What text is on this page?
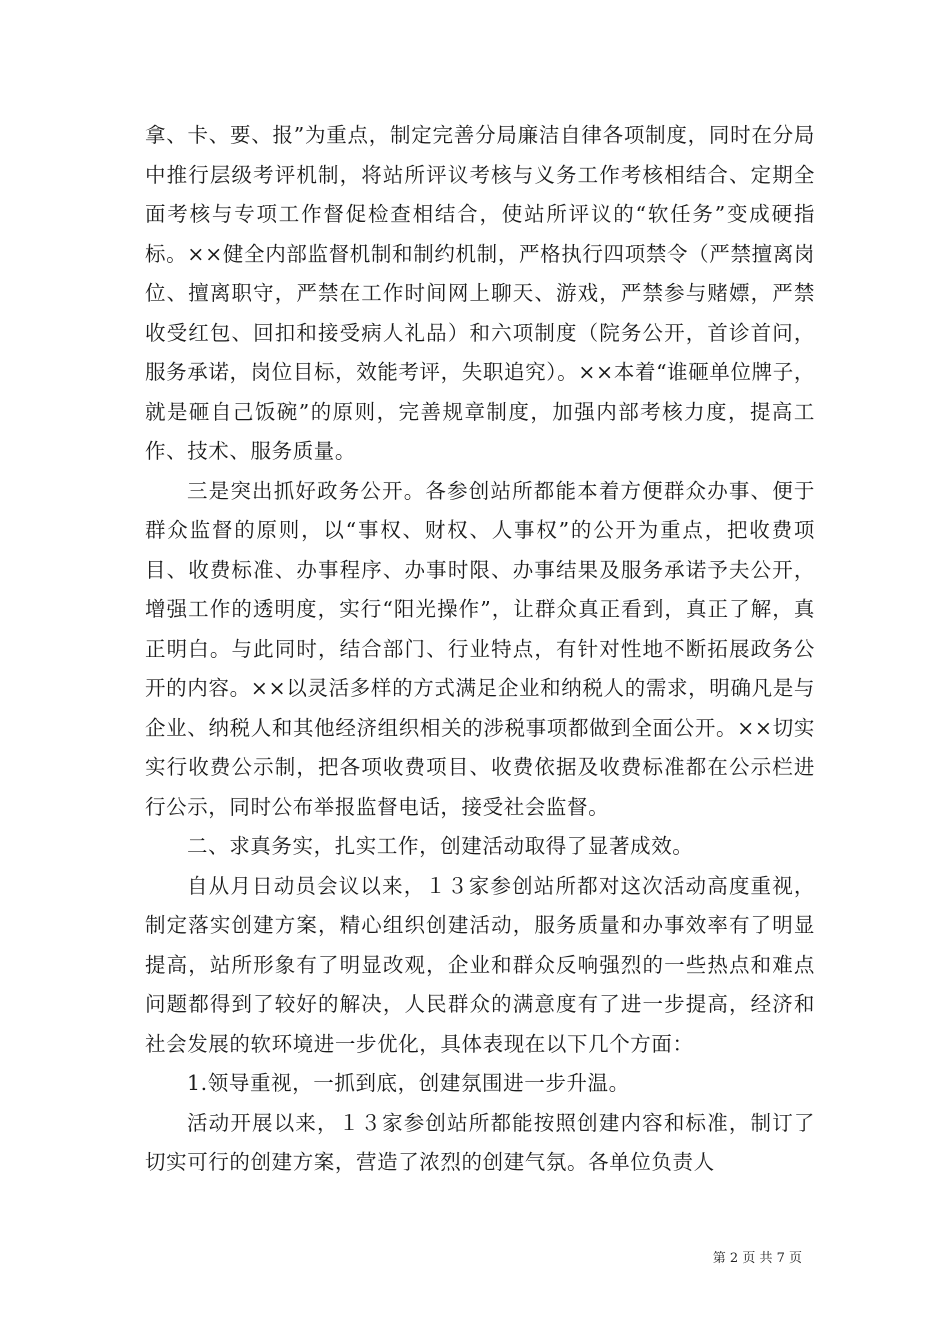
拿、卡、要、报”为重点，制定完善分局廉洁自律各项制度，同时在分局中推行层级考评机制，将站所评议考核与义务工作考核相结合、定期全面考核与专项工作督促检查相结合，使站所评议的“软任务”变成硬指标。××健全内部监督机制和制约机制，严格执行四项禁令（严禁擅离岗位、擅离职守，严禁在工作时间网上聊天、游戏，严禁参与赌嫖，严禁收受红包、回扣和接受病人礼品）和六项制度（院务公开，首诊首问，服务承诺，岗位目标，效能考评，失职追究）。××本着“谁砸单位牌子，就是砸自己饭碗”的原则，完善规章制度，加强内部考核力度，提高工作、技术、服务质量。

三是突出抓好政务公开。各参创站所都能本着方便群众办事、便于群众监督的原则，以“事权、财权、人事权”的公开为重点，把收费项目、收费标准、办事程序、办事时限、办事结果及服务承诺予夫公开，增强工作的透明度，实行“阳光操作”，让群众真正看到，真正了解，真正明白。与此同时，结合部门、行业特点，有针对性地不断拓展政务公开的内容。××以灵活多样的方式满足企业和纳税人的需求，明确凡是与企业、纳税人和其他经济组织相关的涉税事项都做到全面公开。××切实实行收费公示制，把各项收费项目、收费依据及收费标准都在公示栏进行公示，同时公布举报监督电话，接受社会监督。

二、求真务实，扎实工作，创建活动取得了显著成效。

自从月日动员会议以来，１３家参创站所都对这次活动高度重视，制定落实创建方案，精心组织创建活动，服务质量和办事效率有了明显提高，站所形象有了明显改观，企业和群众反响强烈的一些热点和难点问题都得到了较好的解决，人民群众的满意度有了进一步提高，经济和社会发展的软环境进一步优化，具体表现在以下几个方面：

1.领导重视，一抓到底，创建氛围进一步升温。

活动开展以来，１３家参创站所都能按照创建内容和标准，制订了切实可行的创建方案，营造了浓烈的创建气氛。各单位负责人

第 2 页 共 7 页
